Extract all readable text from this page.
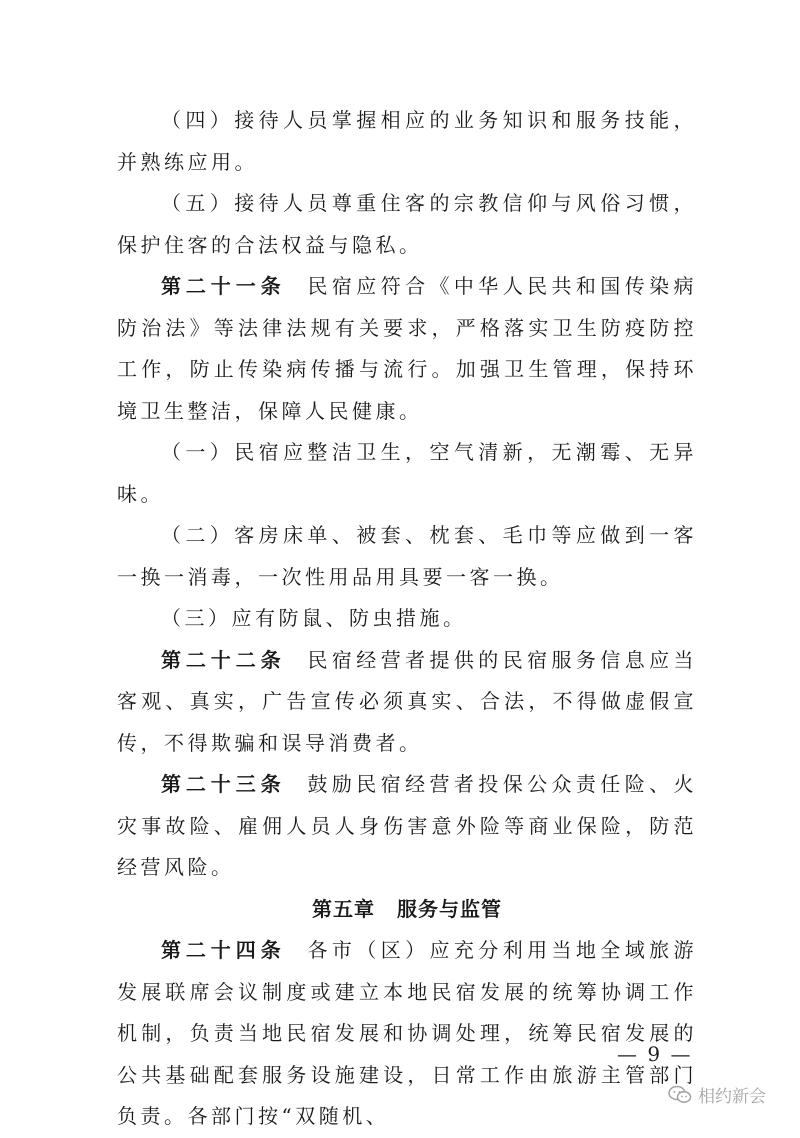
（四）接待人员掌握相应的业务知识和服务技能，并熟练应用。

（五）接待人员尊重住客的宗教信仰与风俗习惯，保护住客的合法权益与隐私。

第二十一条 民宿应符合《中华人民共和国传染病防治法》等法律法规有关要求，严格落实卫生防疫防控工作，防止传染病传播与流行。加强卫生管理，保持环境卫生整洁，保障人民健康。

（一）民宿应整洁卫生，空气清新，无潮霉、无异味。

（二）客房床单、被套、枕套、毛巾等应做到一客一换一消毒，一次性用品用具要一客一换。

（三）应有防鼠、防虫措施。

第二十二条 民宿经营者提供的民宿服务信息应当客观、真实，广告宣传必须真实、合法，不得做虚假宣传，不得欺骗和误导消费者。

第二十三条 鼓励民宿经营者投保公众责任险、火灾事故险、雇佣人员人身伤害意外险等商业保险，防范经营风险。

第五章 服务与监管

第二十四条 各市（区）应充分利用当地全域旅游发展联席会议制度或建立本地民宿发展的统筹协调工作机制，负责当地民宿发展和协调处理，统筹民宿发展的公共基础配套服务设施建设，日常工作由旅游主管部门负责。各部门按“双随机、

— 9 —
相约新会
